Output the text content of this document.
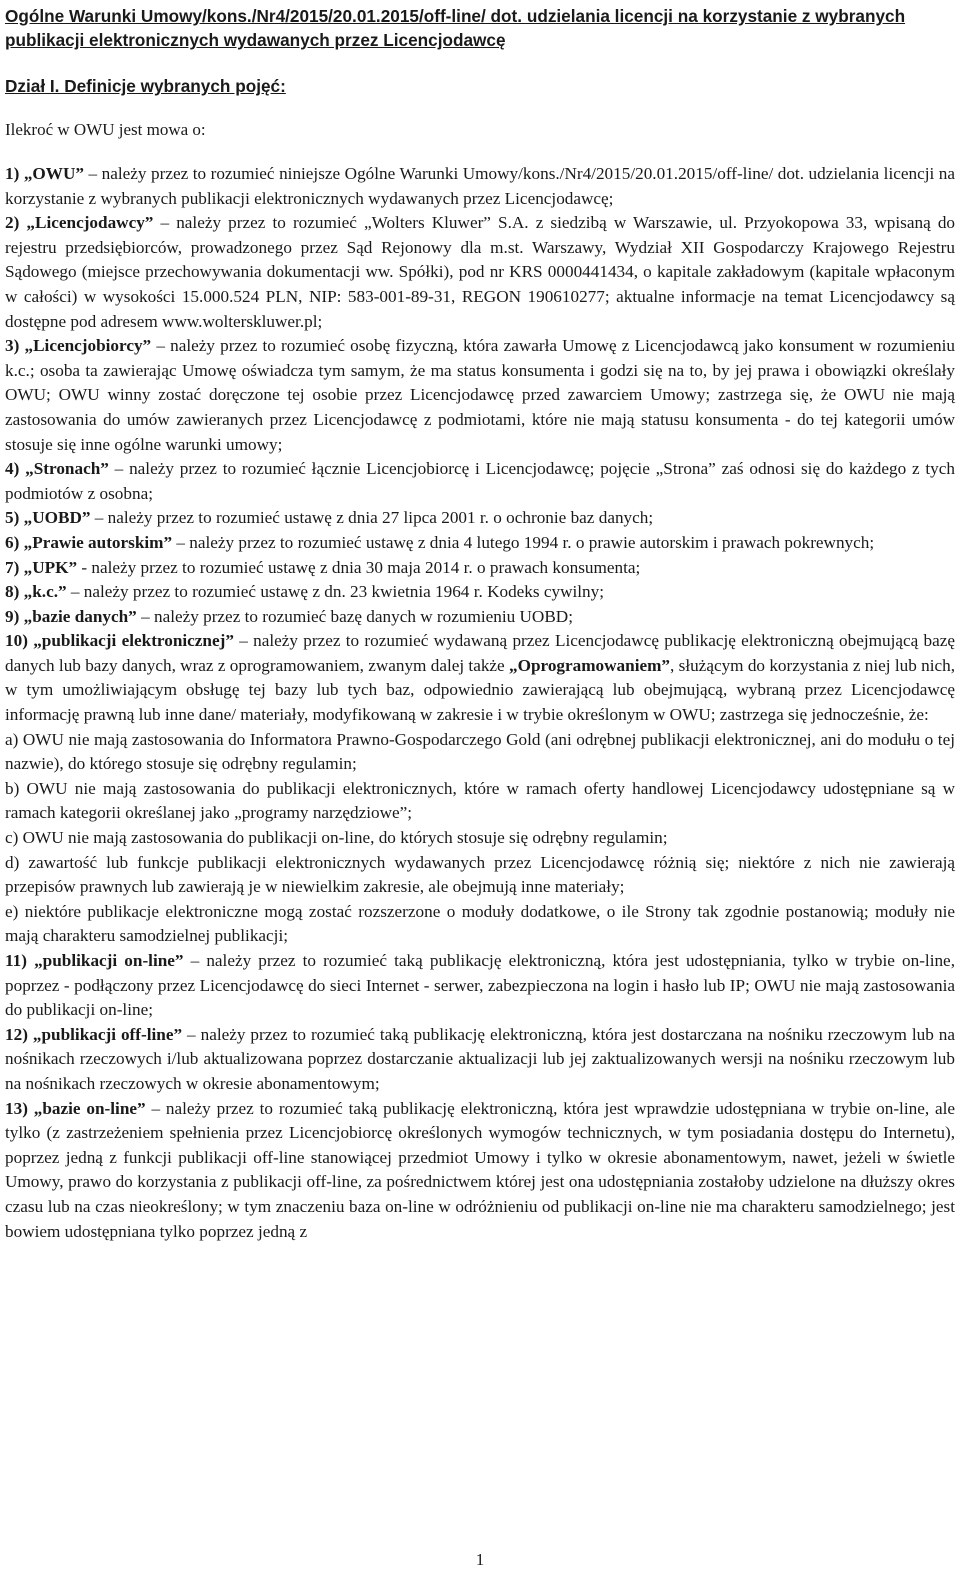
Ogólne Warunki Umowy/kons./Nr4/2015/20.01.2015/off-line/ dot. udzielania licencji na korzystanie z wybranych publikacji elektronicznych wydawanych przez Licencjodawcę
Dział I. Definicje wybranych pojęć:
Ilekroć w OWU jest mowa o:

1) „OWU” – należy przez to rozumieć niniejsze Ogólne Warunki Umowy/kons./Nr4/2015/20.01.2015/off-line/ dot. udzielania licencji na korzystanie z wybranych publikacji elektronicznych wydawanych przez Licencjodawcę;

2) „Licencjodawcy” – należy przez to rozumieć „Wolters Kluwer” S.A. z siedzibą w Warszawie, ul. Przyokopowa 33, wpisaną do rejestru przedsiębiorców, prowadzonego przez Sąd Rejonowy dla m.st. Warszawy, Wydział XII Gospodarczy Krajowego Rejestru Sądowego (miejsce przechowywania dokumentacji ww. Spółki), pod nr KRS 0000441434, o kapitale zakładowym (kapitale wpłaconym w całości) w wysokości 15.000.524 PLN, NIP: 583-001-89-31, REGON 190610277; aktualne informacje na temat Licencjodawcy są dostępne pod adresem www.wolterskluwer.pl;

3) „Licencjobiorcy” – należy przez to rozumieć osobę fizyczną, która zawarła Umowę z Licencjodawcą jako konsument w rozumieniu k.c.; osoba ta zawierając Umowę oświadcza tym samym, że ma status konsumenta i godzi się na to, by jej prawa i obowiązki określały OWU; OWU winny zostać doręczone tej osobie przez Licencjodawcę przed zawarciem Umowy; zastrzega się, że OWU nie mają zastosowania do umów zawieranych przez Licencjodawcę z podmiotami, które nie mają statusu konsumenta - do tej kategorii umów stosuje się inne ogólne warunki umowy;

4) „Stronach” – należy przez to rozumieć łącznie Licencjobiorcę i Licencjodawcę; pojęcie „Strona” zaś odnosi się do każdego z tych podmiotów z osobna;

5) „UOBD” – należy przez to rozumieć ustawę z dnia 27 lipca 2001 r. o ochronie baz danych;

6) „Prawie autorskim” – należy przez to rozumieć ustawę z dnia 4 lutego 1994 r. o prawie autorskim i prawach pokrewnych;

7) „UPK” - należy przez to rozumieć ustawę z dnia 30 maja 2014 r. o prawach konsumenta;

8) „k.c.” – należy przez to rozumieć ustawę z dn. 23 kwietnia 1964 r. Kodeks cywilny;

9) „bazie danych” – należy przez to rozumieć bazę danych w rozumieniu UOBD;

10) „publikacji elektronicznej” – należy przez to rozumieć wydawaną przez Licencjodawcę publikację elektroniczną obejmującą bazę danych lub bazy danych, wraz z oprogramowaniem, zwanym dalej także „Oprogramowaniem”, służącym do korzystania z niej lub nich, w tym umożliwiającym obsługę tej bazy lub tych baz, odpowiednio zawierającą lub obejmującą, wybraną przez Licencjodawcę informację prawną lub inne dane/ materiały, modyfikowaną w zakresie i w trybie określonym w OWU; zastrzega się jednocześnie, że:

a) OWU nie mają zastosowania do Informatora Prawno-Gospodarczego Gold (ani odrębnej publikacji elektronicznej, ani do modułu o tej nazwie), do którego stosuje się odrębny regulamin;

b) OWU nie mają zastosowania do publikacji elektronicznych, które w ramach oferty handlowej Licencjodawcy udostępniane są w ramach kategorii określanej jako „programy narzędziowe”;

c) OWU nie mają zastosowania do publikacji on-line, do których stosuje się odrębny regulamin;

d) zawartość lub funkcje publikacji elektronicznych wydawanych przez Licencjodawcę różnią się; niektóre z nich nie zawierają przepisów prawnych lub zawierają je w niewielkim zakresie, ale obejmują inne materiały;

e) niektóre publikacje elektroniczne mogą zostać rozszerzone o moduły dodatkowe, o ile Strony tak zgodnie postanowią; moduły nie mają charakteru samodzielnej publikacji;

11) „publikacji on-line” – należy przez to rozumieć taką publikację elektroniczną, która jest udostępniania, tylko w trybie on-line, poprzez - podłączony przez Licencjodawcę do sieci Internet - serwer, zabezpieczona na login i hasło lub IP; OWU nie mają zastosowania do publikacji on-line;

12) „publikacji off-line” – należy przez to rozumieć taką publikację elektroniczną, która jest dostarczana na nośniku rzeczowym lub na nośnikach rzeczowych i/lub aktualizowana poprzez dostarczanie aktualizacji lub jej zaktualizowanych wersji na nośniku rzeczowym lub na nośnikach rzeczowych w okresie abonamentowym;

13) „bazie on-line” – należy przez to rozumieć taką publikację elektroniczną, która jest wprawdzie udostępniana w trybie on-line, ale tylko (z zastrzeżeniem spełnienia przez Licencjobiorcę określonych wymogów technicznych, w tym posiadania dostępu do Internetu), poprzez jedną z funkcji publikacji off-line stanowiącej przedmiot Umowy i tylko w okresie abonamentowym, nawet, jeżeli w świetle Umowy, prawo do korzystania z publikacji off-line, za pośrednictwem której jest ona udostępniania zostałoby udzielone na dłuższy okres czasu lub na czas nieokreślony; w tym znaczeniu baza on-line w odróżnieniu od publikacji on-line nie ma charakteru samodzielnego; jest bowiem udostępniana tylko poprzez jedną z

1
